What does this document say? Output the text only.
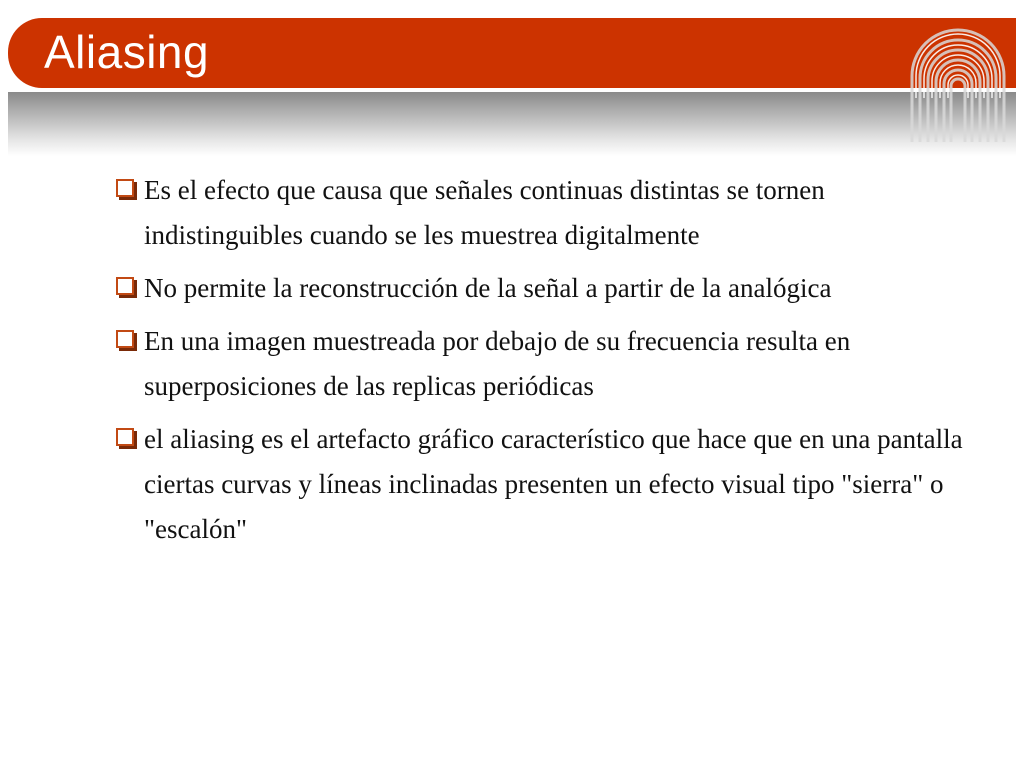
Aliasing
Es el efecto que causa que señales continuas distintas se tornen indistinguibles cuando se les muestrea digitalmente
No permite la reconstrucción de la señal a partir de la analógica
En una imagen muestreada por debajo de su frecuencia resulta en superposiciones de las replicas periódicas
el aliasing es el artefacto gráfico característico que hace que en una pantalla ciertas curvas y líneas inclinadas presenten un efecto visual tipo "sierra" o "escalón"
